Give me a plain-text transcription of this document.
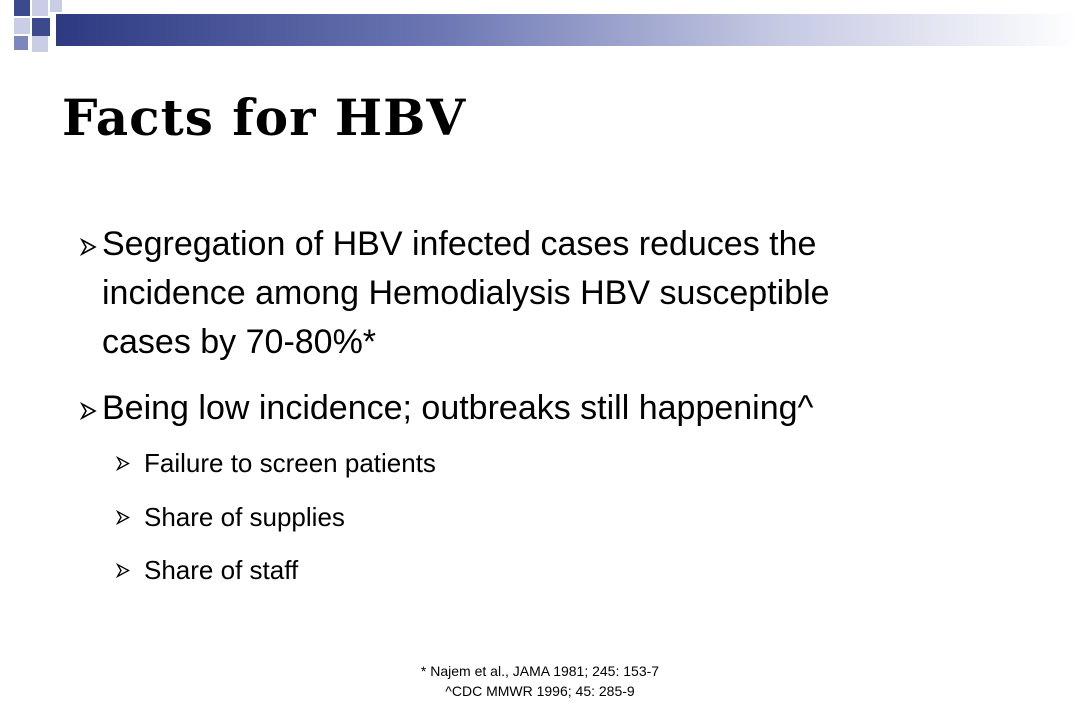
Facts for HBV
Segregation of HBV infected cases reduces the
incidence among Hemodialysis HBV susceptible
cases by 70-80%*
Being low incidence; outbreaks still happening^
Failure to screen patients
Share of supplies
Share of staff
* Najem et al., JAMA 1981; 245: 153-7
^CDC MMWR 1996; 45: 285-9
